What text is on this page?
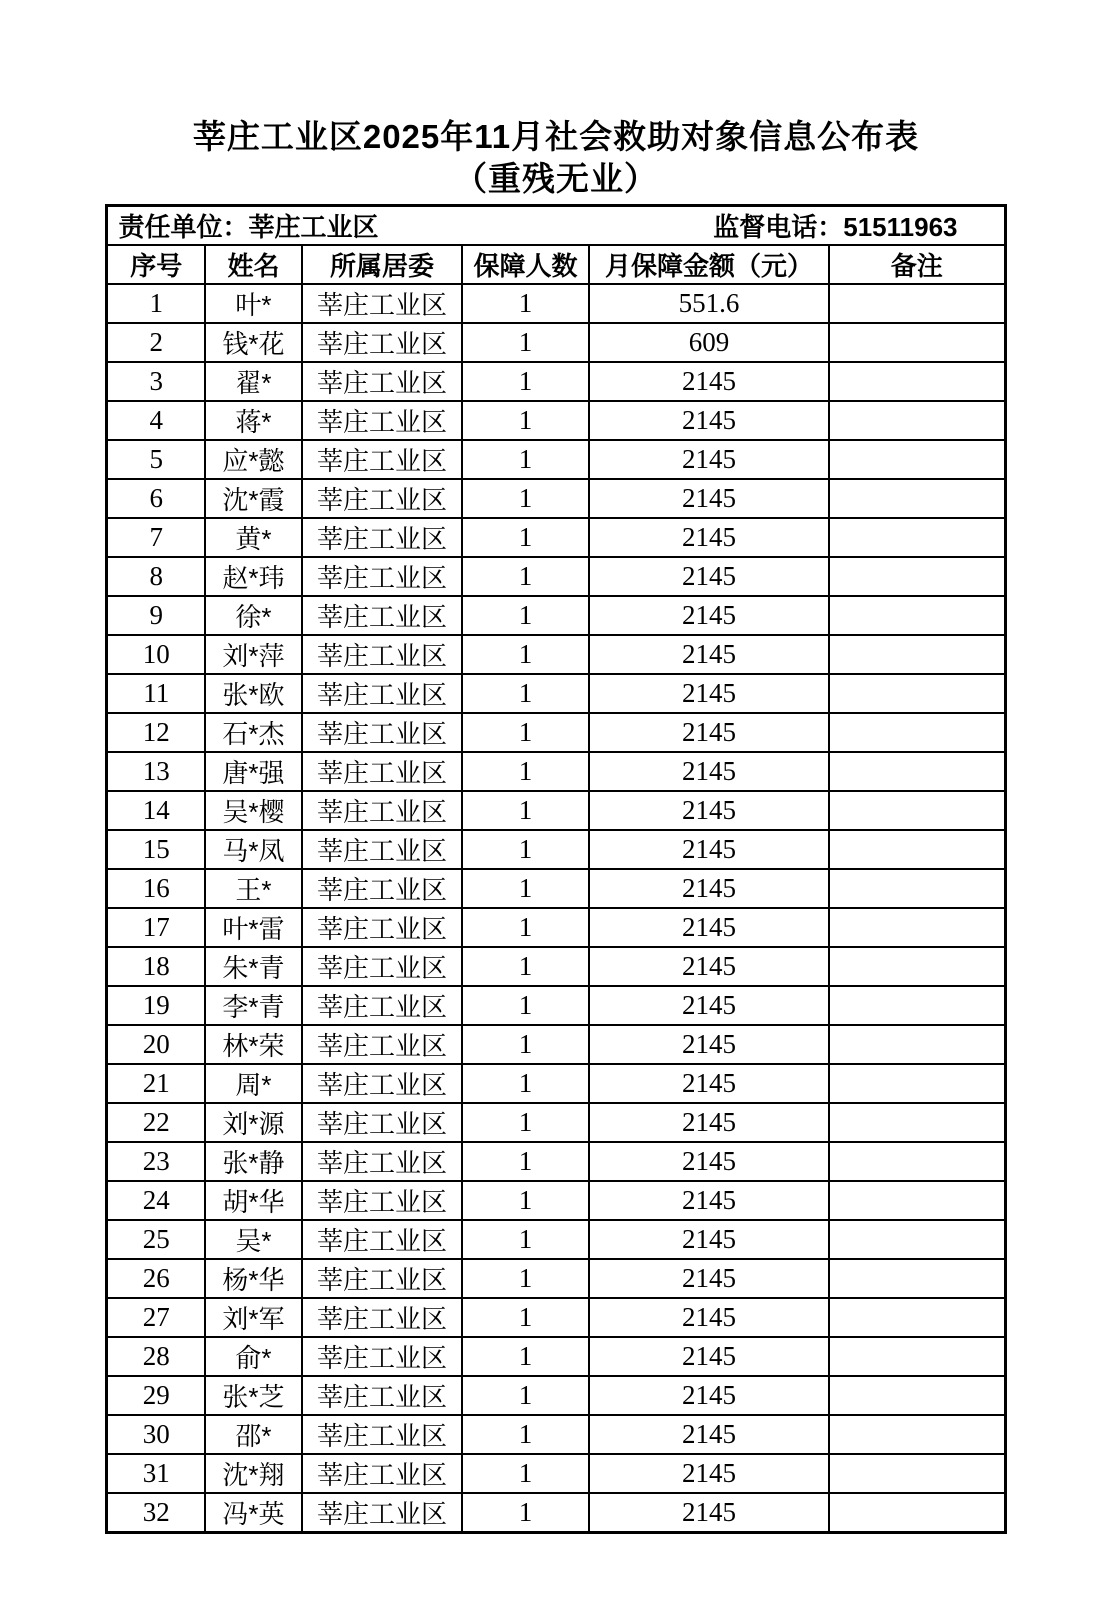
莘庄工业区2025年11月社会救助对象信息公布表
（重残无业）
责任单位：莘庄工业区 监督电话：51511963					

序号	姓名	所属居委	保障人数	月保障金额（元）	备注
1	叶*	莘庄工业区	1	551.6	
2	钱*花	莘庄工业区	1	609	
3	翟*	莘庄工业区	1	2145	
4	蒋*	莘庄工业区	1	2145	
5	应*懿	莘庄工业区	1	2145	
6	沈*霞	莘庄工业区	1	2145	
7	黄*	莘庄工业区	1	2145	
8	赵*玮	莘庄工业区	1	2145	
9	徐*	莘庄工业区	1	2145	
10	刘*萍	莘庄工业区	1	2145	
11	张*欧	莘庄工业区	1	2145	
12	石*杰	莘庄工业区	1	2145	
13	唐*强	莘庄工业区	1	2145	
14	吴*樱	莘庄工业区	1	2145	
15	马*凤	莘庄工业区	1	2145	
16	王*	莘庄工业区	1	2145	
17	叶*雷	莘庄工业区	1	2145	
18	朱*青	莘庄工业区	1	2145	
19	李*青	莘庄工业区	1	2145	
20	林*荣	莘庄工业区	1	2145	
21	周*	莘庄工业区	1	2145	
22	刘*源	莘庄工业区	1	2145	
23	张*静	莘庄工业区	1	2145	
24	胡*华	莘庄工业区	1	2145	
25	吴*	莘庄工业区	1	2145	
26	杨*华	莘庄工业区	1	2145	
27	刘*军	莘庄工业区	1	2145	
28	俞*	莘庄工业区	1	2145	
29	张*芝	莘庄工业区	1	2145	
30	邵*	莘庄工业区	1	2145	
31	沈*翔	莘庄工业区	1	2145	
32	冯*英	莘庄工业区	1	2145	
